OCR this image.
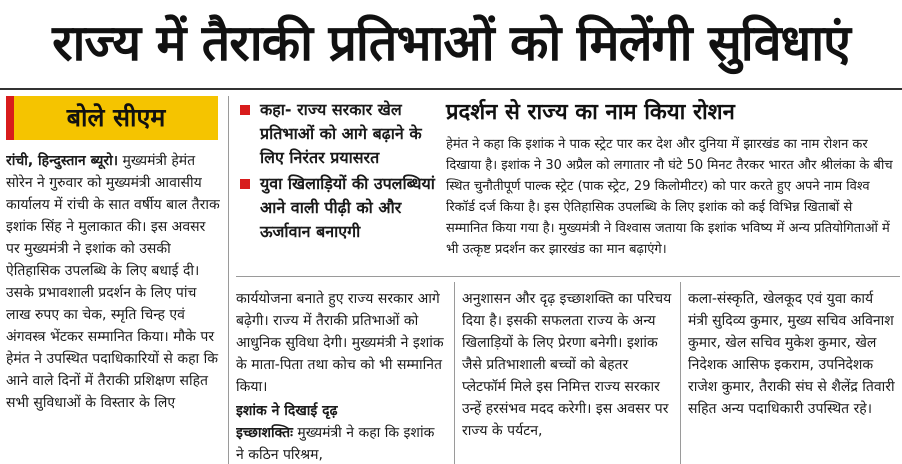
राज्य में तैराकी प्रतिभाओं को मिलेंगी सुविधाएं
बोले सीएम

रांची, हिन्दुस्तान ब्यूरो। मुख्यमंत्री हेमंत सोरेन ने गुरुवार को मुख्यमंत्री आवासीय कार्यालय में रांची के सात वर्षीय बाल तैराक इशांक सिंह ने मुलाकात की। इस अवसर पर मुख्यमंत्री ने इशांक को उसकी ऐतिहासिक उपलब्धि के लिए बधाई दी। उसके प्रभावशाली प्रदर्शन के लिए पांच लाख रुपए का चेक, स्मृति चिन्ह एवं अंगवस्त्र भेंटकर सम्मानित किया। मौके पर हेमंत ने उपस्थित पदाधिकारियों से कहा कि आने वाले दिनों में तैराकी प्रशिक्षण सहित सभी सुविधाओं के विस्तार के लिए

कहा- राज्य सरकार खेल प्रतिभाओं को आगे बढ़ाने के लिए निरंतर प्रयासरत
युवा खिलाड़ियों की उपलब्धियां आने वाली पीढ़ी को और ऊर्जावान बनाएगी
प्रदर्शन से राज्य का नाम किया रोशन

हेमंत ने कहा कि इशांक ने पाक स्ट्रेट पार कर देश और दुनिया में झारखंड का नाम रोशन कर दिखाया है। इशांक ने 30 अप्रैल को लगातार नौ घंटे 50 मिनट तैरकर भारत और श्रीलंका के बीच स्थित चुनौतीपूर्ण पाल्क स्ट्रेट (पाक स्ट्रेट, 29 किलोमीटर) को पार करते हुए अपने नाम विश्व रिकॉर्ड दर्ज किया है। इस ऐतिहासिक उपलब्धि के लिए इशांक को कई विभिन्न खिताबों से सम्मानित किया गया है। मुख्यमंत्री ने विश्वास जताया कि इशांक भविष्य में अन्य प्रतियोगिताओं में भी उत्कृष्ट प्रदर्शन कर झारखंड का मान बढ़ाएंगे।

कार्ययोजना बनाते हुए राज्य सरकार आगे बढ़ेगी। राज्य में तैराकी प्रतिभाओं को आधुनिक सुविधा देगी। मुख्यमंत्री ने इशांक के माता-पिता तथा कोच को भी सम्मानित किया।

इशांक ने दिखाई दृढ़

इच्छाशक्तिः मुख्यमंत्री ने कहा कि इशांक ने कठिन परिश्रम,

अनुशासन और दृढ़ इच्छाशक्ति का परिचय दिया है। इसकी सफलता राज्य के अन्य खिलाड़ियों के लिए प्रेरणा बनेगी। इशांक जैसे प्रतिभाशाली बच्चों को बेहतर प्लेटफॉर्म मिले इस निमित्त राज्य सरकार उन्हें हरसंभव मदद करेगी। इस अवसर पर राज्य के पर्यटन,

कला-संस्कृति, खेलकूद एवं युवा कार्य मंत्री सुदिव्य कुमार, मुख्य सचिव अविनाश कुमार, खेल सचिव मुकेश कुमार, खेल निदेशक आसिफ इकराम, उपनिदेशक राजेश कुमार, तैराकी संघ से शैलेंद्र तिवारी सहित अन्य पदाधिकारी उपस्थित रहे।
